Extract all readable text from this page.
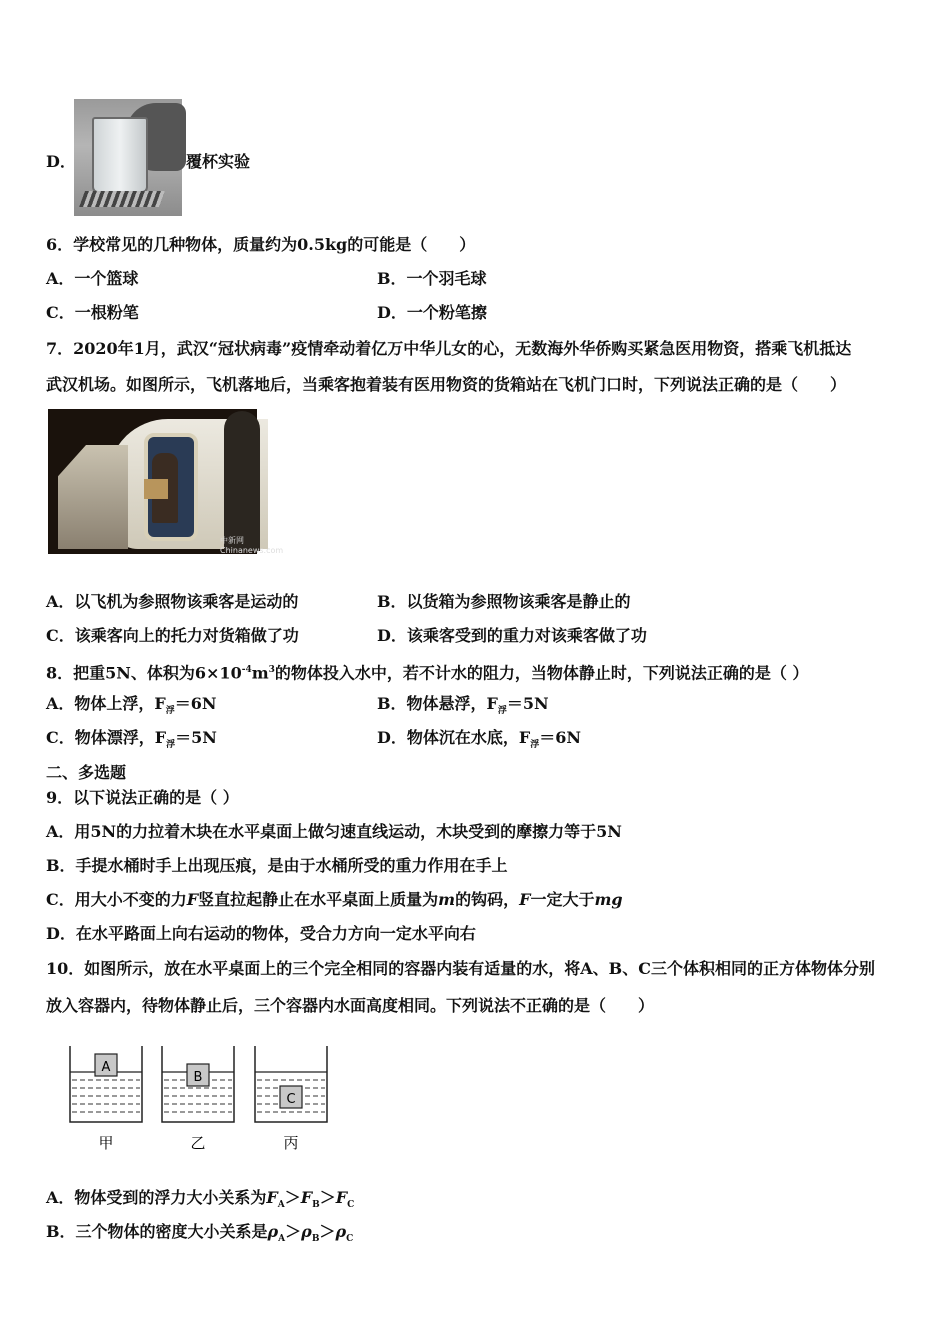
D．	覆杯实验
6．学校常见的几种物体，质量约为0.5kg的可能是（　　）
A．一个篮球	B．一个羽毛球
C．一根粉笔	D．一个粉笔擦
7．2020年1月，武汉“冠状病毒”疫情牵动着亿万中华儿女的心，无数海外华侨购买紧急医用物资，搭乘飞机抵达
武汉机场。如图所示，飞机落地后，当乘客抱着装有医用物资的货箱站在飞机门口时，下列说法正确的是（　　）
中新网
Chinanews.com
A．以飞机为参照物该乘客是运动的	B．以货箱为参照物该乘客是静止的
C．该乘客向上的托力对货箱做了功	D．该乘客受到的重力对该乘客做了功
8．把重5N、体积为$6\times 10^{-4}m^3$的物体投入水中，若不计水的阻力，当物体静止时，下列说法正确的是（ ）
A．物体上浮，$F_浮=6N$	B．物体悬浮，$F_浮=5N$
C．物体漂浮，$F_浮=5N$	D．物体沉在水底，$F_浮=6N$
二、多选题
9．以下说法正确的是（ ）
A．用5N的力拉着木块在水平桌面上做匀速直线运动，木块受到的摩擦力等于5N
B．手提水桶时手上出现压痕，是由于水桶所受的重力作用在手上
C．用大小不变的力F竖直拉起静止在水平桌面上质量为m的钩码，F一定大于mg
D．在水平路面上向右运动的物体，受合力方向一定水平向右
10．如图所示，放在水平桌面上的三个完全相同的容器内装有适量的水，将A、B、C三个体积相同的正方体物体分别
放入容器内，待物体静止后，三个容器内水面高度相同。下列说法不正确的是（　　）
A
甲
B
乙
C
丙
A．物体受到的浮力大小关系为$F_A>F_B>F_C$
B．三个物体的密度大小关系是$\rho_A>\rho_B>\rho_C$
